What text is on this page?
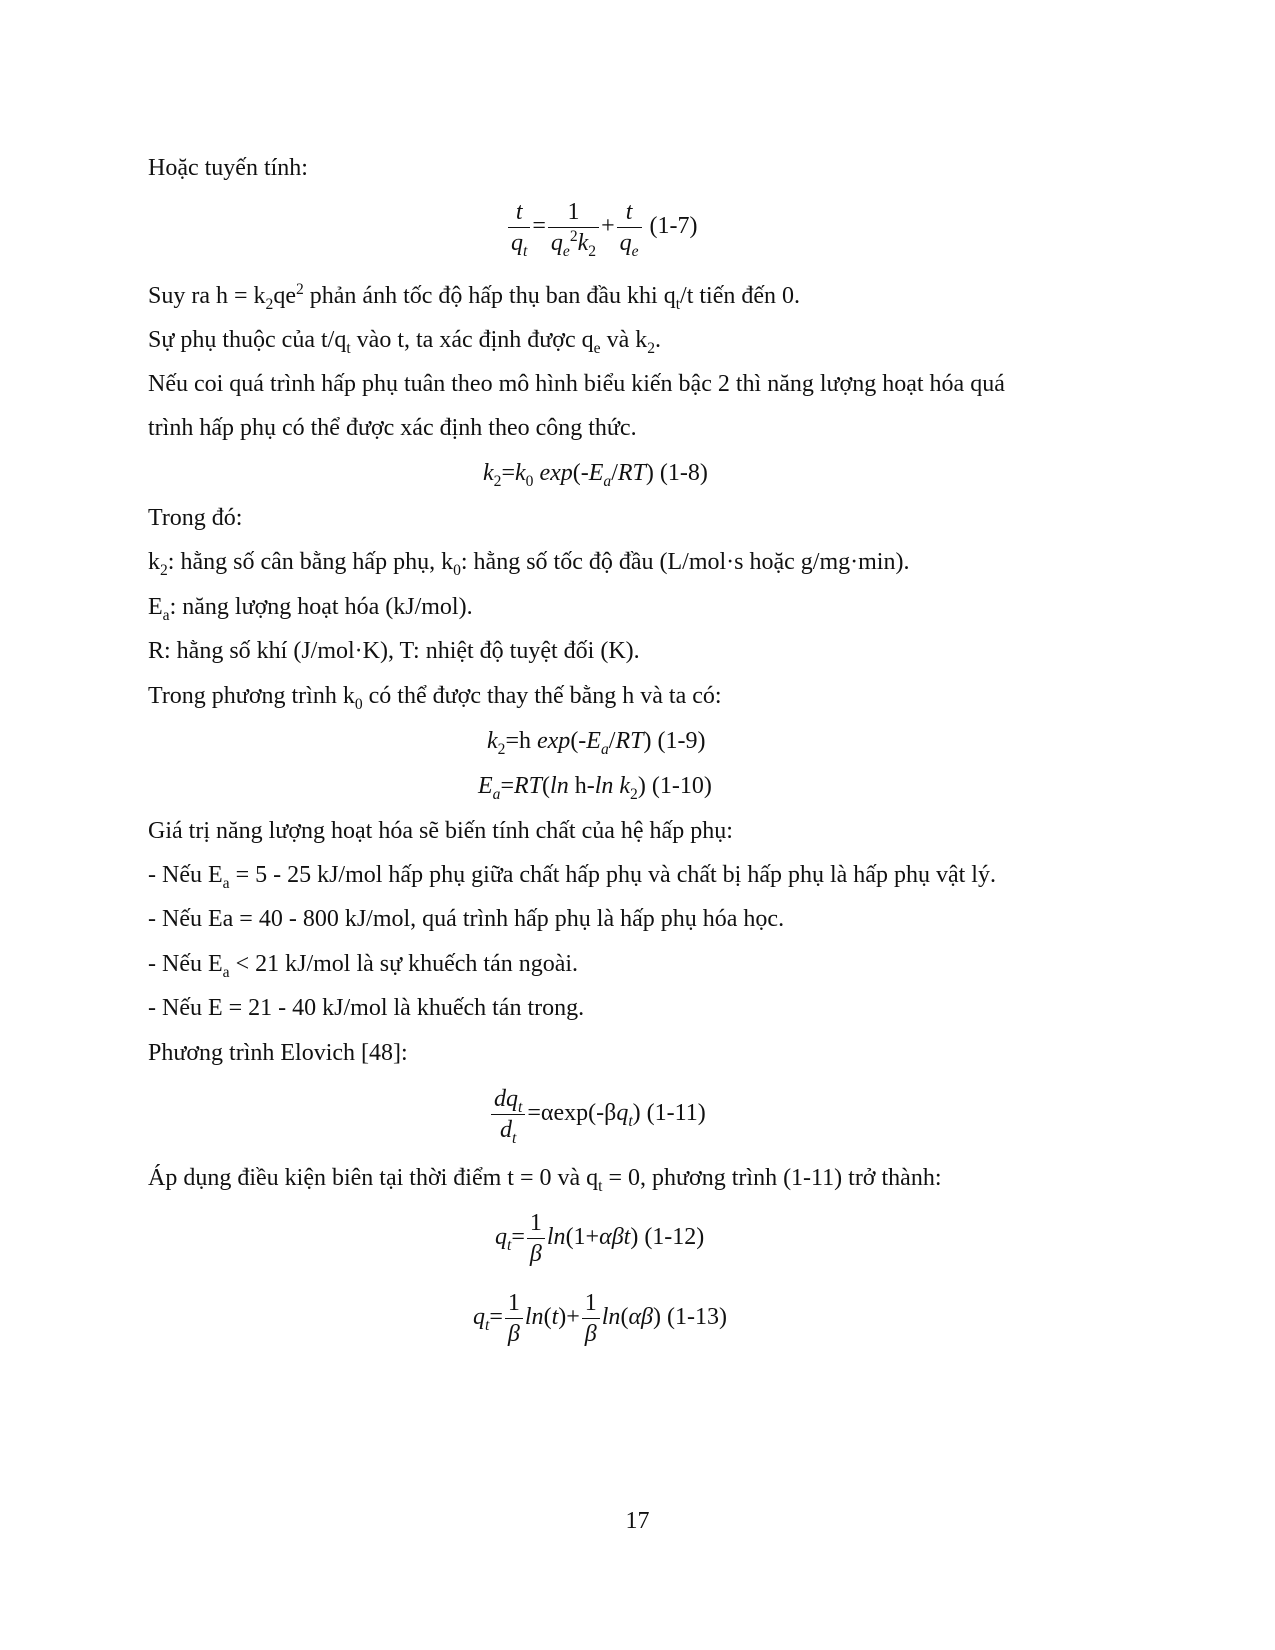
Hoặc tuyến tính:
$\frac{t}{q_t} = \frac{1}{q_e^2k_2} + \frac{t}{q_e} (1-7)$
Suy ra $h = k_2qe^2$ phản ánh tốc độ hấp thụ ban đầu khi $q_t/t$ tiến đến 0.
Sự phụ thuộc của $t/q_t$ vào t, ta xác định được $q_e$ và $k_2$.
Nếu coi quá trình hấp phụ tuân theo mô hình biểu kiến bậc 2 thì năng lượng hoạt hóa quá
trình hấp phụ có thể được xác định theo công thức.
$k_2=k_0$ $\exp(-E_a/RT)$ (1-8)
Trong đó:
$k_2$: hằng số cân bằng hấp phụ, $k_0$: hằng số tốc độ đầu (L/mol·s hoặc g/mg·min).
$E_a$: năng lượng hoạt hóa (kJ/mol).
R: hằng số khí (J/mol·K), T: nhiệt độ tuyệt đối (K).
Trong phương trình $k_0$ có thể được thay thế bằng h và ta có:
$k_2=h$ $\exp(-E_a/RT)$ (1-9)
$E_a=RT(\ln$ h-ln $k_2$) (1-10)
Giá trị năng lượng hoạt hóa sẽ biến tính chất của hệ hấp phụ:
- Nếu $E_a = 5 - 25$ kJ/mol hấp phụ giữa chất hấp phụ và chất bị hấp phụ là hấp phụ vật lý.
- Nếu Ea = 40 - 800 kJ/mol, quá trình hấp phụ là hấp phụ hóa học.
- Nếu $E_a < 21$ kJ/mol là sự khuếch tán ngoài.
- Nếu E = 21 - 40 kJ/mol là khuếch tán trong.
Phương trình Elovich [48]:
$\frac{dq_t}{d_t} =\alpha\exp(-\beta q_t)$ (1-11)
Áp dụng điều kiện biên tại thời điểm t = 0 và $q_t = 0$, phương trình (1-11) trở thành:
$q_t= \frac{1}{\beta} \ln(1+\alpha\beta t)$ (1-12)
$q_t= \frac{1}{\beta} \ln(t)+ \frac{1}{\beta} \ln(\alpha\beta)$ (1-13)
17
